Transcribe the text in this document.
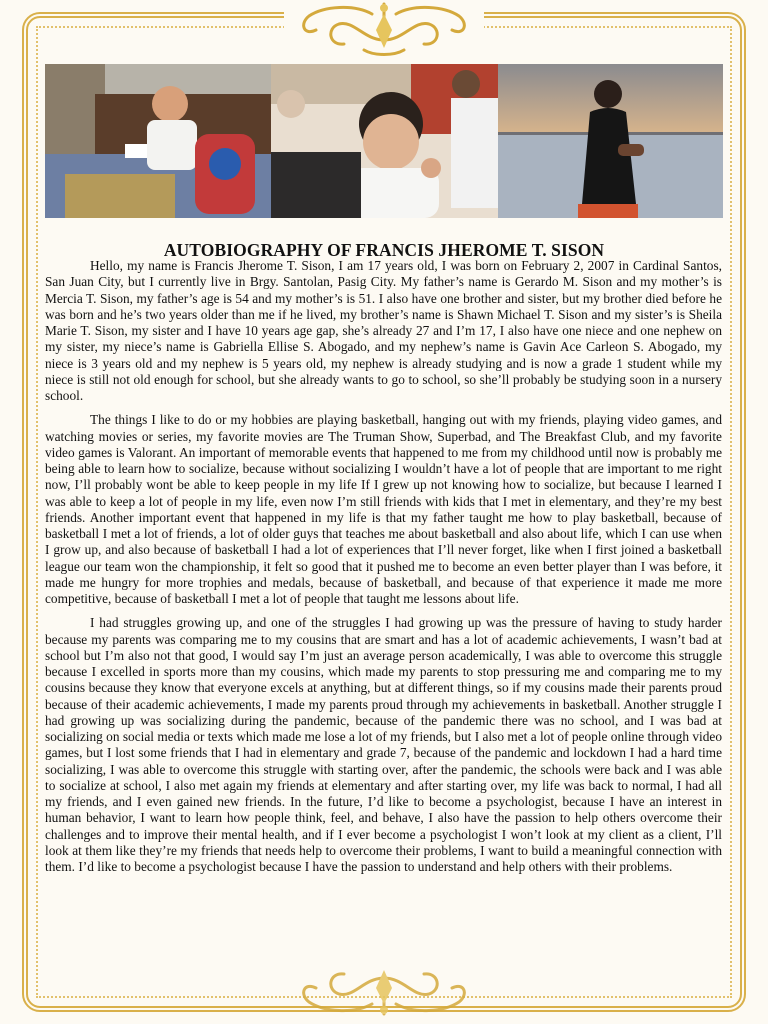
AUTOBIOGRAPHY OF FRANCIS JHEROME T. SISON

Hello, my name is Francis Jherome T. Sison, I am 17 years old, I was born on February 2, 2007 in Cardinal Santos, San Juan City, but I currently live in Brgy. Santolan, Pasig City. My father’s name is Gerardo M. Sison and my mother’s is Mercia T. Sison, my father’s age is 54 and my mother’s is 51. I also have one brother and sister, but my brother died before he was born and he’s two years older than me if he lived, my brother’s name is Shawn Michael T. Sison and my sister’s is Sheila Marie T. Sison, my sister and I have 10 years age gap, she’s already 27 and I’m 17, I also have one niece and one nephew on my sister, my niece’s name is Gabriella Ellise S. Abogado, and my nephew’s name is Gavin Ace Carleon S. Abogado, my niece is 3 years old and my nephew is 5 years old, my nephew is already studying and is now a grade 1 student while my niece is still not old enough for school, but she already wants to go to school, so she’ll probably be studying soon in a nursery school.

The things I like to do or my hobbies are playing basketball, hanging out with my friends, playing video games, and watching movies or series, my favorite movies are The Truman Show, Superbad, and The Breakfast Club, and my favorite video games is Valorant. An important of memorable events that happened to me from my childhood until now is probably me being able to learn how to socialize, because without socializing I wouldn’t have a lot of people that are important to me right now, I’ll probably wont be able to keep people in my life If I grew up not knowing how to socialize, but because I learned I was able to keep a lot of people in my life, even now I’m still friends with kids that I met in elementary, and they’re my best friends. Another important event that happened in my life is that my father taught me how to play basketball, because of basketball I met a lot of friends, a lot of older guys that teaches me about basketball and also about life, which I can use when I grow up, and also because of basketball I had a lot of experiences that I’ll never forget, like when I first joined a basketball league our team won the championship, it felt so good that it pushed me to become an even better player than I was before, it made me hungry for more trophies and medals, because of basketball, and because of that experience it made me more competitive, because of basketball I met a lot of people that taught me lessons about life.

I had struggles growing up, and one of the struggles I had growing up was the pressure of having to study harder because my parents was comparing me to my cousins that are smart and has a lot of academic achievements, I wasn’t bad at school but I’m also not that good, I would say I’m just an average person academically, I was able to overcome this struggle because I excelled in sports more than my cousins, which made my parents to stop pressuring me and comparing me to my cousins because they know that everyone excels at anything, but at different things, so if my cousins made their parents proud because of their academic achievements, I made my parents proud through my achievements in basketball. Another struggle I had growing up was socializing during the pandemic, because of the pandemic there was no school, and I was bad at socializing on social media or texts which made me lose a lot of my friends, but I also met a lot of people online through video games, but I lost some friends that I had in elementary and grade 7, because of the pandemic and lockdown I had a hard time socializing, I was able to overcome this struggle with starting over, after the pandemic, the schools were back and I was able to socialize at school, I also met again my friends at elementary and after starting over, my life was back to normal, I had all my friends, and I even gained new friends. In the future, I’d like to become a psychologist, because I have an interest in human behavior, I want to learn how people think, feel, and behave, I also have the passion to help others overcome their challenges and to improve their mental health, and if I ever become a psychologist I won’t look at my client as a client, I’ll look at them like they’re my friends that needs help to overcome their problems, I want to build a meaningful connection with them. I’d like to become a psychologist because I have the passion to understand and help others with their problems.
